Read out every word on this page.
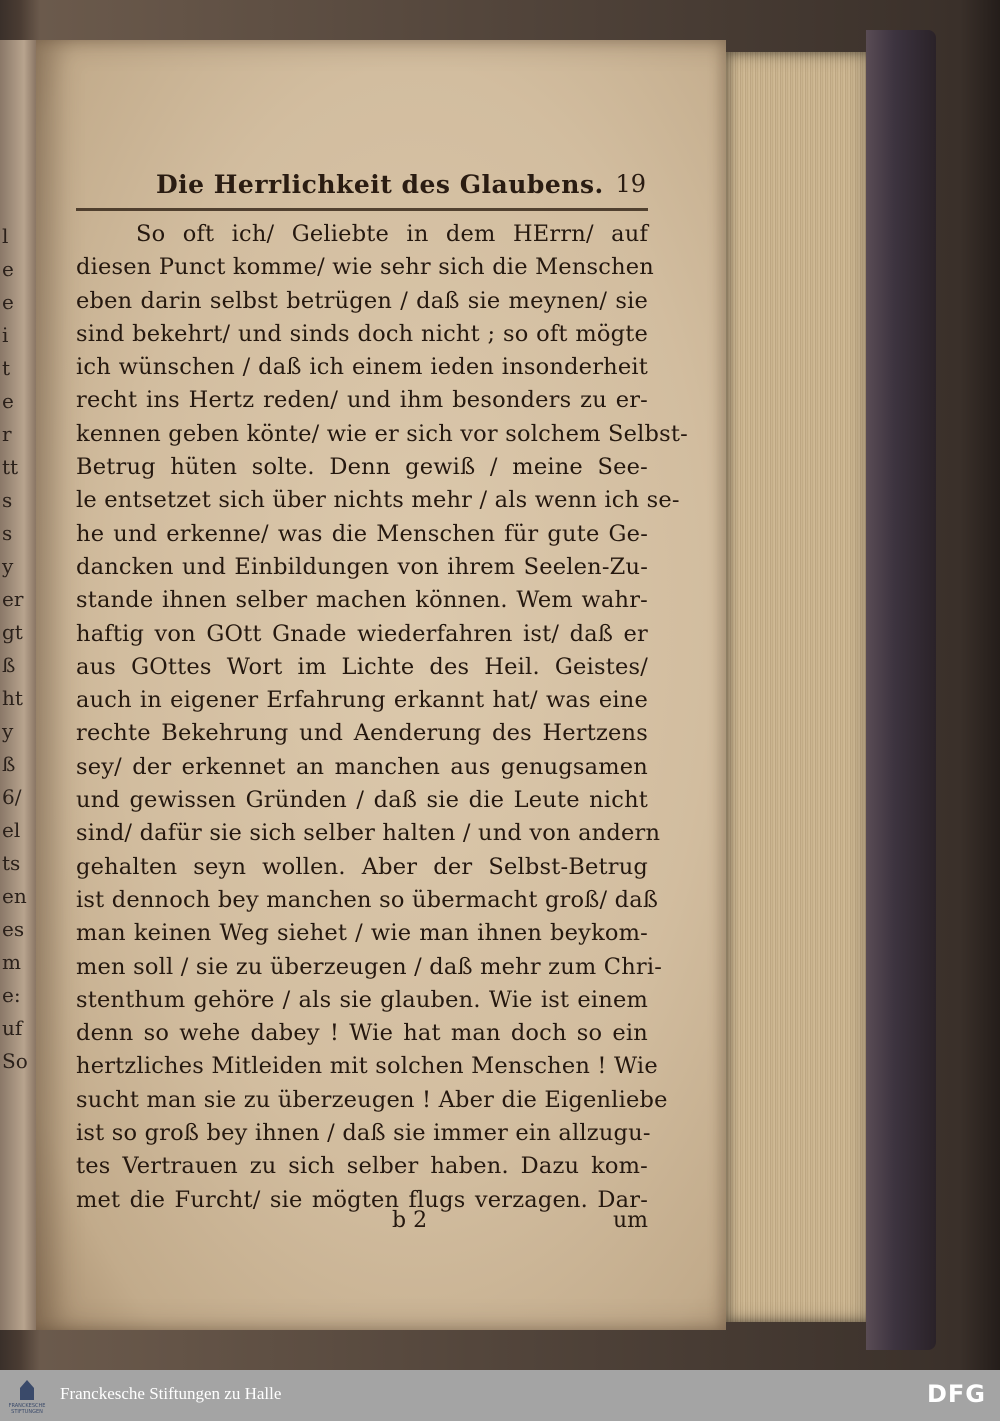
l
e
e
i
t
e
r
tt
s
s
y
er
gt
ß
ht
y
ß
6/
el
ts
en
es
m
e:
uf
So
Die Herrlichkeit des Glaubens. 19
So oft ich/ Geliebte in dem HErrn/ auf
diesen Punct komme/ wie sehr sich die Menschen
eben darin selbst betrügen / daß sie meynen/ sie
sind bekehrt/ und sinds doch nicht ; so oft mögte
ich wünschen / daß ich einem ieden insonderheit
recht ins Hertz reden/ und ihm besonders zu er-
kennen geben könte/ wie er sich vor solchem Selbst-
Betrug hüten solte. Denn gewiß / meine See-
le entsetzet sich über nichts mehr / als wenn ich se-
he und erkenne/ was die Menschen für gute Ge-
dancken und Einbildungen von ihrem Seelen-Zu-
stande ihnen selber machen können. Wem wahr-
haftig von GOtt Gnade wiederfahren ist/ daß er
aus GOttes Wort im Lichte des Heil. Geistes/
auch in eigener Erfahrung erkannt hat/ was eine
rechte Bekehrung und Aenderung des Hertzens
sey/ der erkennet an manchen aus genugsamen
und gewissen Gründen / daß sie die Leute nicht
sind/ dafür sie sich selber halten / und von andern
gehalten seyn wollen. Aber der Selbst-Betrug
ist dennoch bey manchen so übermacht groß/ daß
man keinen Weg siehet / wie man ihnen beykom-
men soll / sie zu überzeugen / daß mehr zum Chri-
stenthum gehöre / als sie glauben. Wie ist einem
denn so wehe dabey ! Wie hat man doch so ein
hertzliches Mitleiden mit solchen Menschen ! Wie
sucht man sie zu überzeugen ! Aber die Eigenliebe
ist so groß bey ihnen / daß sie immer ein allzugu-
tes Vertrauen zu sich selber haben. Dazu kom-
met die Furcht/ sie mögten flugs verzagen. Dar-
b 2	um
FRANCKESCHE STIFTUNGEN
Franckesche Stiftungen zu Halle	DFG
